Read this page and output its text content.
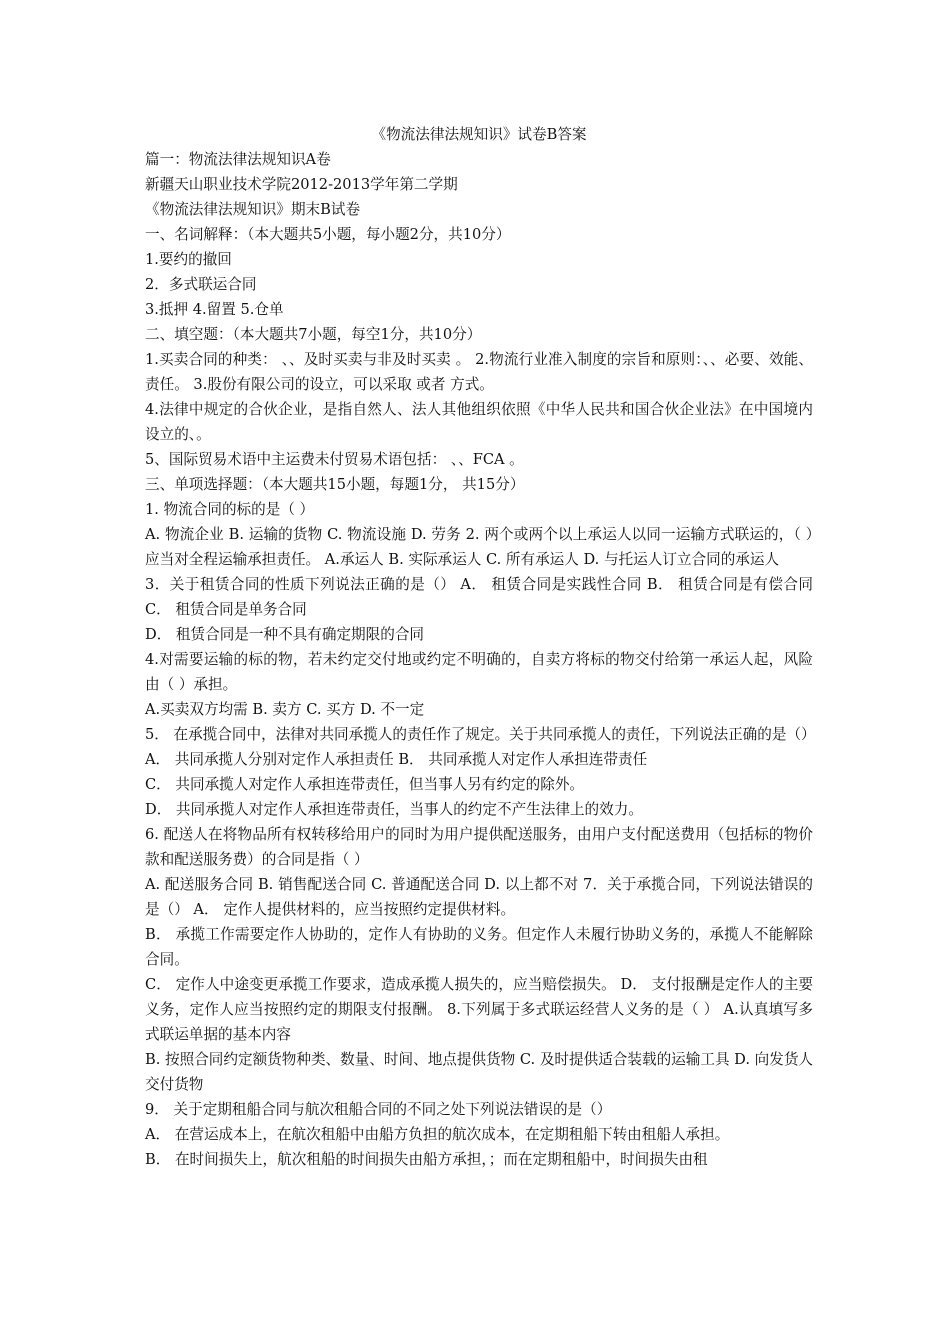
《物流法律法规知识》试卷B答案

篇一：物流法律法规知识A卷

新疆天山职业技术学院2012-2013学年第二学期

《物流法律法规知识》期末B试卷

一、名词解释：（本大题共5小题，每小题2分，共10分）

1.要约的撤回

2．多式联运合同

3.抵押 4.留置 5.仓单

二、填空题：（本大题共7小题，每空1分，共10分）

1.买卖合同的种类： 、、及时买卖与非及时买卖 。 2.物流行业准入制度的宗旨和原则：、、必要、效能、责任。 3.股份有限公司的设立，可以采取 或者 方式。

4.法律中规定的合伙企业，是指自然人、法人其他组织依照《中华人民共和国合伙企业法》在中国境内设立的、。

5、国际贸易术语中主运费未付贸易术语包括： 、、FCA 。

三、单项选择题：（本大题共15小题，每题1分， 共15分）

1. 物流合同的标的是（ ）

A. 物流企业 B. 运输的货物 C. 物流设施 D. 劳务 2. 两个或两个以上承运人以同一运输方式联运的，（ ）应当对全程运输承担责任。 A.承运人 B. 实际承运人 C. 所有承运人 D. 与托运人订立合同的承运人

3．关于租赁合同的性质下列说法正确的是（） A． 租赁合同是实践性合同 B． 租赁合同是有偿合同 C． 租赁合同是单务合同

D． 租赁合同是一种不具有确定期限的合同

4.对需要运输的标的物，若未约定交付地或约定不明确的，自卖方将标的物交付给第一承运人起，风险由（ ）承担。

A.买卖双方均需 B. 卖方 C. 买方 D. 不一定

5． 在承揽合同中，法律对共同承揽人的责任作了规定。关于共同承揽人的责任，下列说法正确的是（）

A． 共同承揽人分别对定作人承担责任 B． 共同承揽人对定作人承担连带责任

C． 共同承揽人对定作人承担连带责任，但当事人另有约定的除外。

D． 共同承揽人对定作人承担连带责任，当事人的约定不产生法律上的效力。

6. 配送人在将物品所有权转移给用户的同时为用户提供配送服务，由用户支付配送费用（包括标的物价款和配送服务费）的合同是指（ ）

A. 配送服务合同 B. 销售配送合同 C. 普通配送合同 D. 以上都不对 7．关于承揽合同，下列说法错误的是（） A． 定作人提供材料的，应当按照约定提供材料。

B． 承揽工作需要定作人协助的，定作人有协助的义务。但定作人未履行协助义务的，承揽人不能解除合同。

C． 定作人中途变更承揽工作要求，造成承揽人损失的，应当赔偿损失。 D． 支付报酬是定作人的主要义务，定作人应当按照约定的期限支付报酬。 8.下列属于多式联运经营人义务的是（ ） A.认真填写多式联运单据的基本内容

B. 按照合同约定额货物种类、数量、时间、地点提供货物 C. 及时提供适合装载的运输工具 D. 向发货人交付货物

9． 关于定期租船合同与航次租船合同的不同之处下列说法错误的是（）

A． 在营运成本上，在航次租船中由船方负担的航次成本，在定期租船下转由租船人承担。

B． 在时间损失上，航次租船的时间损失由船方承担，；而在定期租船中，时间损失由租
